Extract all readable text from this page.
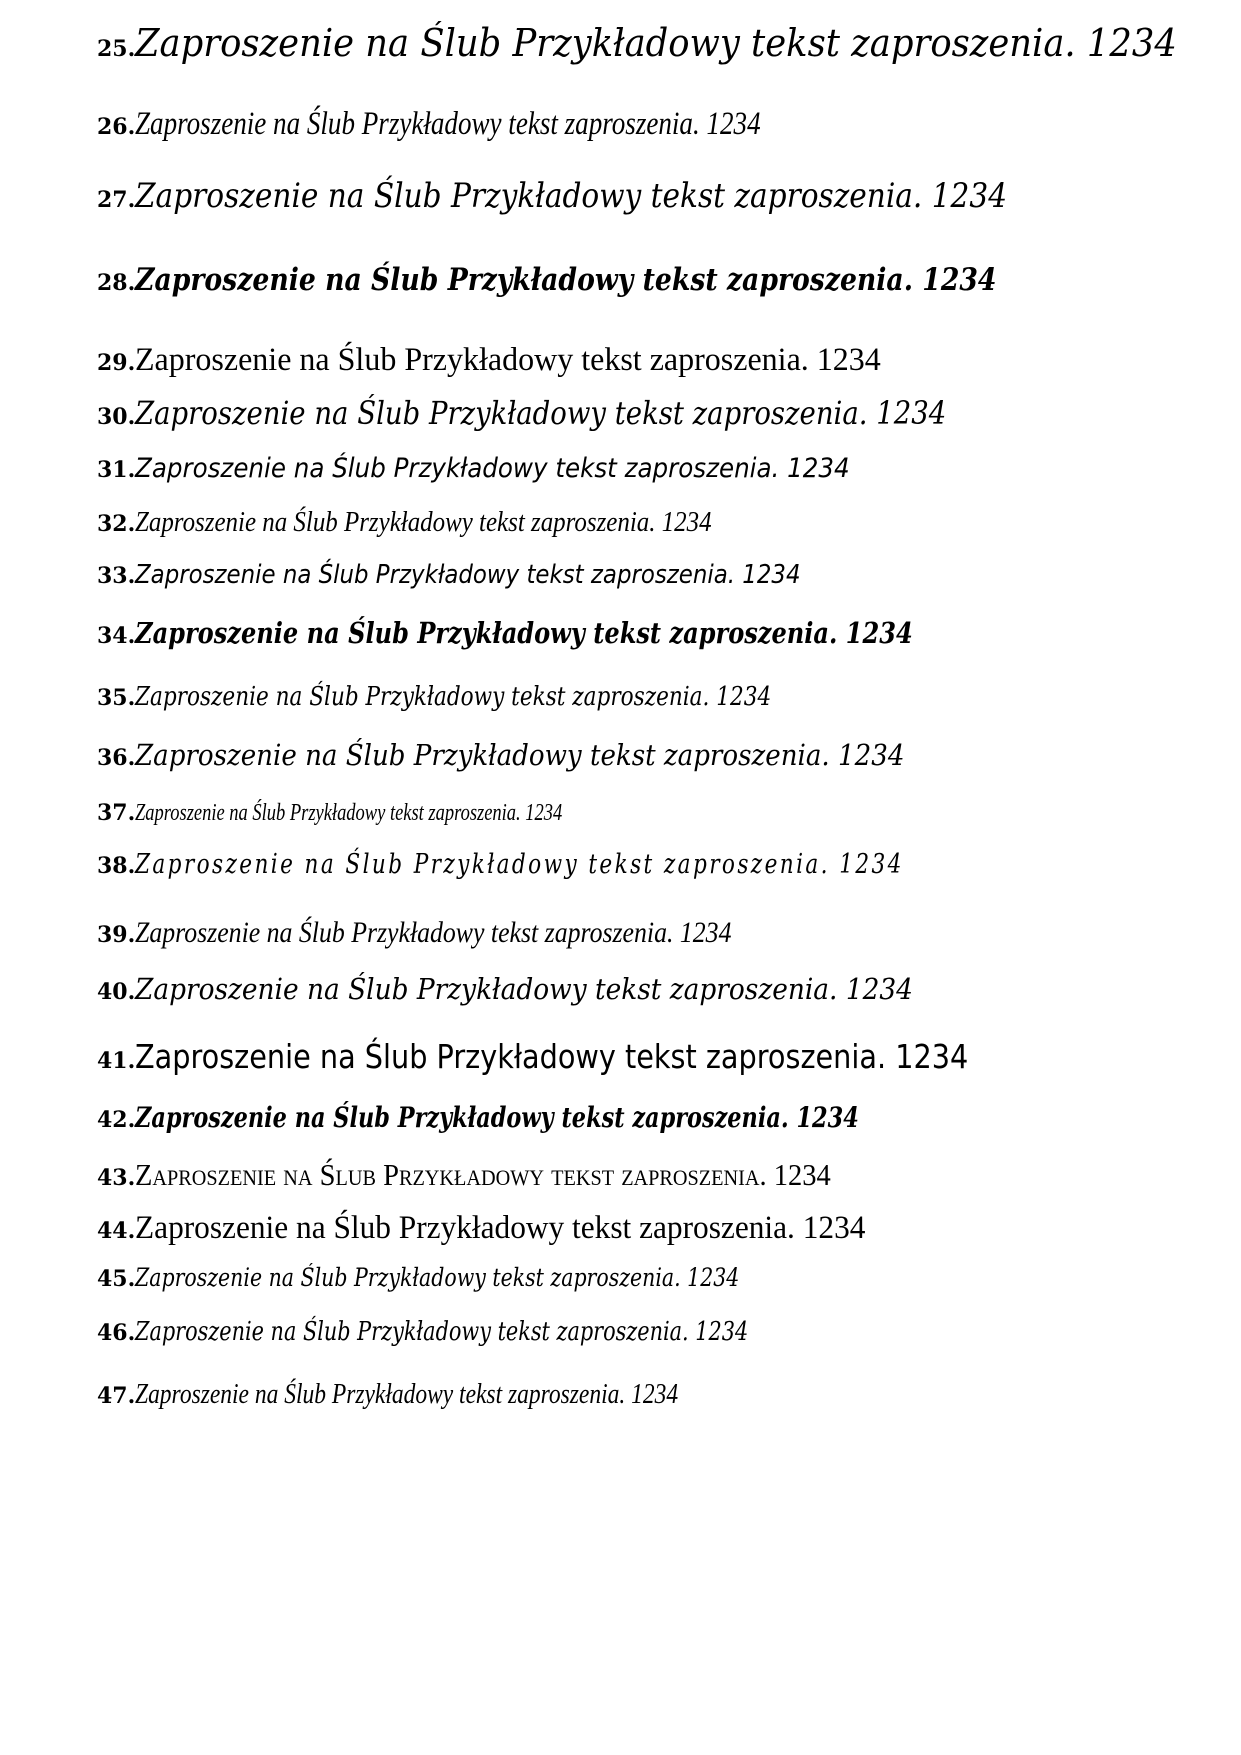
25.Zaproszenie na Ślub Przykładowy tekst zaproszenia. 1234
26.Zaproszenie na Ślub Przykładowy tekst zaproszenia. 1234
27.Zaproszenie na Ślub Przykładowy tekst zaproszenia. 1234
28.Zaproszenie na Ślub Przykładowy tekst zaproszenia. 1234
29.Zaproszenie na Ślub Przykładowy tekst zaproszenia. 1234
30.Zaproszenie na Ślub Przykładowy tekst zaproszenia. 1234
31.Zaproszenie na Ślub Przykładowy tekst zaproszenia. 1234
32.Zaproszenie na Ślub Przykładowy tekst zaproszenia. 1234
33.Zaproszenie na Ślub Przykładowy tekst zaproszenia. 1234
34.Zaproszenie na Ślub Przykładowy tekst zaproszenia. 1234
35.Zaproszenie na Ślub Przykładowy tekst zaproszenia. 1234
36.Zaproszenie na Ślub Przykładowy tekst zaproszenia. 1234
37.Zaproszenie na Ślub Przykładowy tekst zaproszenia. 1234
38.Zaproszenie na Ślub Przykładowy tekst zaproszenia. 1234
39.Zaproszenie na Ślub Przykładowy tekst zaproszenia. 1234
40.Zaproszenie na Ślub Przykładowy tekst zaproszenia. 1234
41.Zaproszenie na Ślub Przykładowy tekst zaproszenia. 1234
42.Zaproszenie na Ślub Przykładowy tekst zaproszenia. 1234
43.Zaproszenie na Ślub Przykładowy tekst zaproszenia. 1234
44.Zaproszenie na Ślub Przykładowy tekst zaproszenia. 1234
45.Zaproszenie na Ślub Przykładowy tekst zaproszenia. 1234
46.Zaproszenie na Ślub Przykładowy tekst zaproszenia. 1234
47.Zaproszenie na Ślub Przykładowy tekst zaproszenia. 1234
